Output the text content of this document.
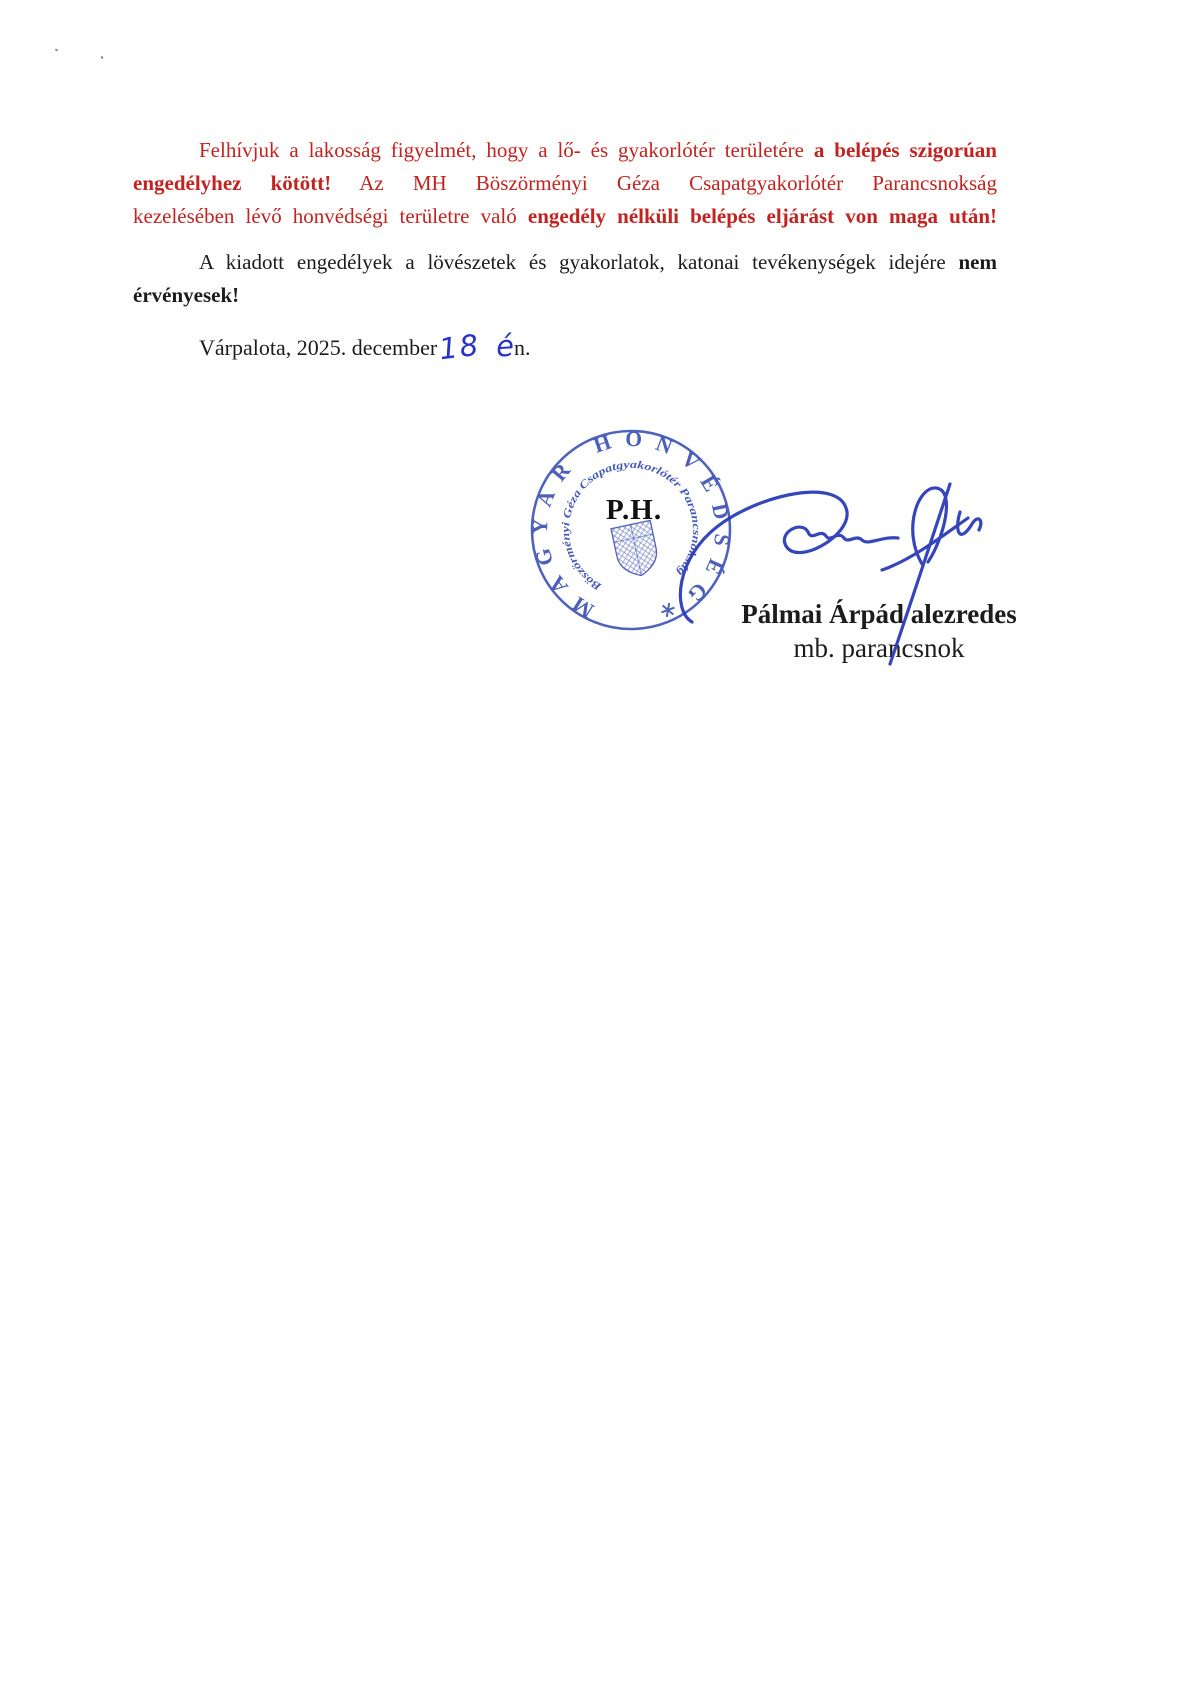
Felhívjuk a lakosság figyelmét, hogy a lő- és gyakorlótér területére a belépés szigorúan
engedélyhez kötött! Az MH Böszörményi Géza Csapatgyakorlótér Parancsnokság
kezelésében lévő honvédségi területre való engedély nélküli belépés eljárást von maga után!
A kiadott engedélyek a lövészetek és gyakorlatok, katonai tevékenységek idejére nem
érvényesek!
Várpalota, 2025. december18 én.
MAGYAR HONVÉDSÉG
Böszörményi Géza Csapatgyakorlótér Parancsnokság
P.H.
Pálmai Árpád alezredes
mb. parancsnok
